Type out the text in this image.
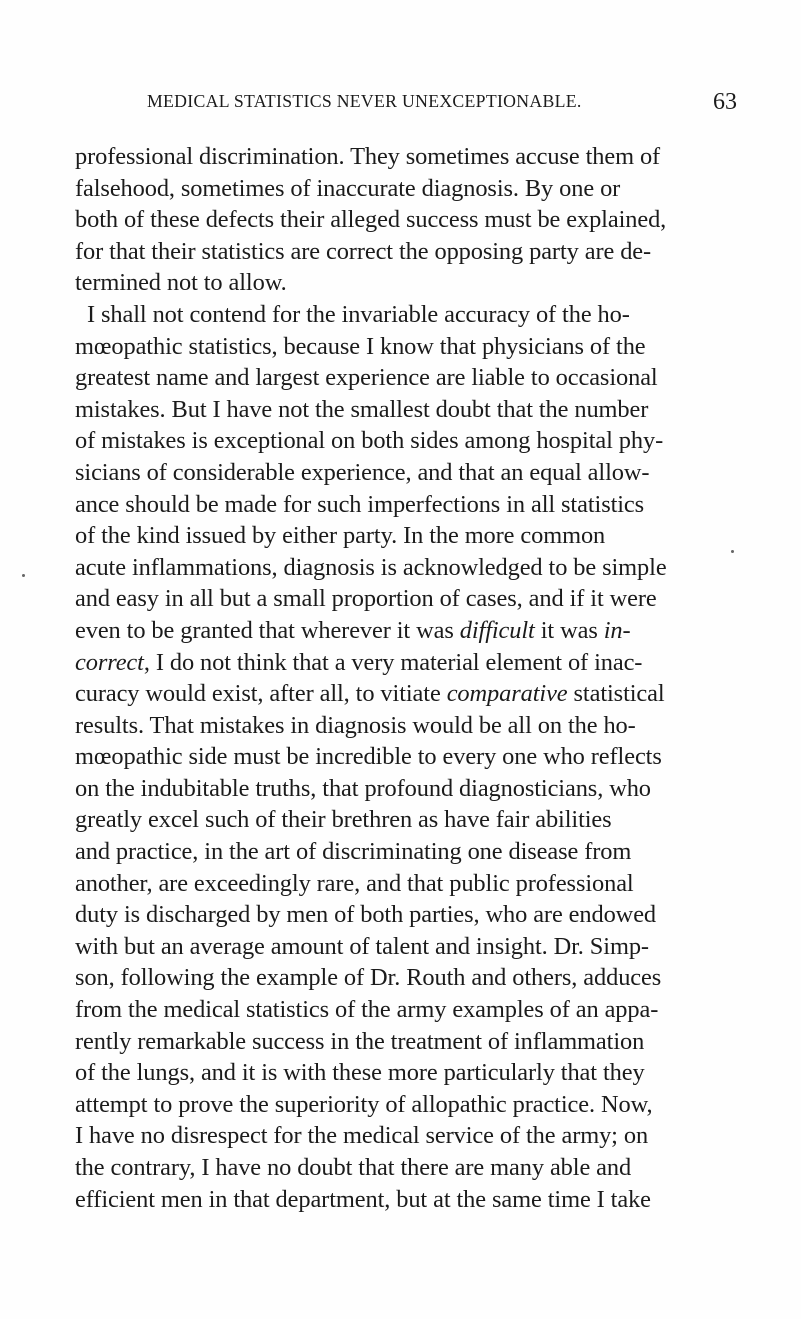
MEDICAL STATISTICS NEVER UNEXCEPTIONABLE.	63
professional discrimination. They sometimes accuse them of
falsehood, sometimes of inaccurate diagnosis. By one or
both of these defects their alleged success must be explained,
for that their statistics are correct the opposing party are de-
termined not to allow.
I shall not contend for the invariable accuracy of the ho-
mœopathic statistics, because I know that physicians of the
greatest name and largest experience are liable to occasional
mistakes. But I have not the smallest doubt that the number
of mistakes is exceptional on both sides among hospital phy-
sicians of considerable experience, and that an equal allow-
ance should be made for such imperfections in all statistics
of the kind issued by either party. In the more common
acute inflammations, diagnosis is acknowledged to be simple
and easy in all but a small proportion of cases, and if it were
even to be granted that wherever it was difficult it was in-
correct, I do not think that a very material element of inac-
curacy would exist, after all, to vitiate comparative statistical
results. That mistakes in diagnosis would be all on the ho-
mœopathic side must be incredible to every one who reflects
on the indubitable truths, that profound diagnosticians, who
greatly excel such of their brethren as have fair abilities
and practice, in the art of discriminating one disease from
another, are exceedingly rare, and that public professional
duty is discharged by men of both parties, who are endowed
with but an average amount of talent and insight. Dr. Simp-
son, following the example of Dr. Routh and others, adduces
from the medical statistics of the army examples of an appa-
rently remarkable success in the treatment of inflammation
of the lungs, and it is with these more particularly that they
attempt to prove the superiority of allopathic practice. Now,
I have no disrespect for the medical service of the army; on
the contrary, I have no doubt that there are many able and
efficient men in that department, but at the same time I take
